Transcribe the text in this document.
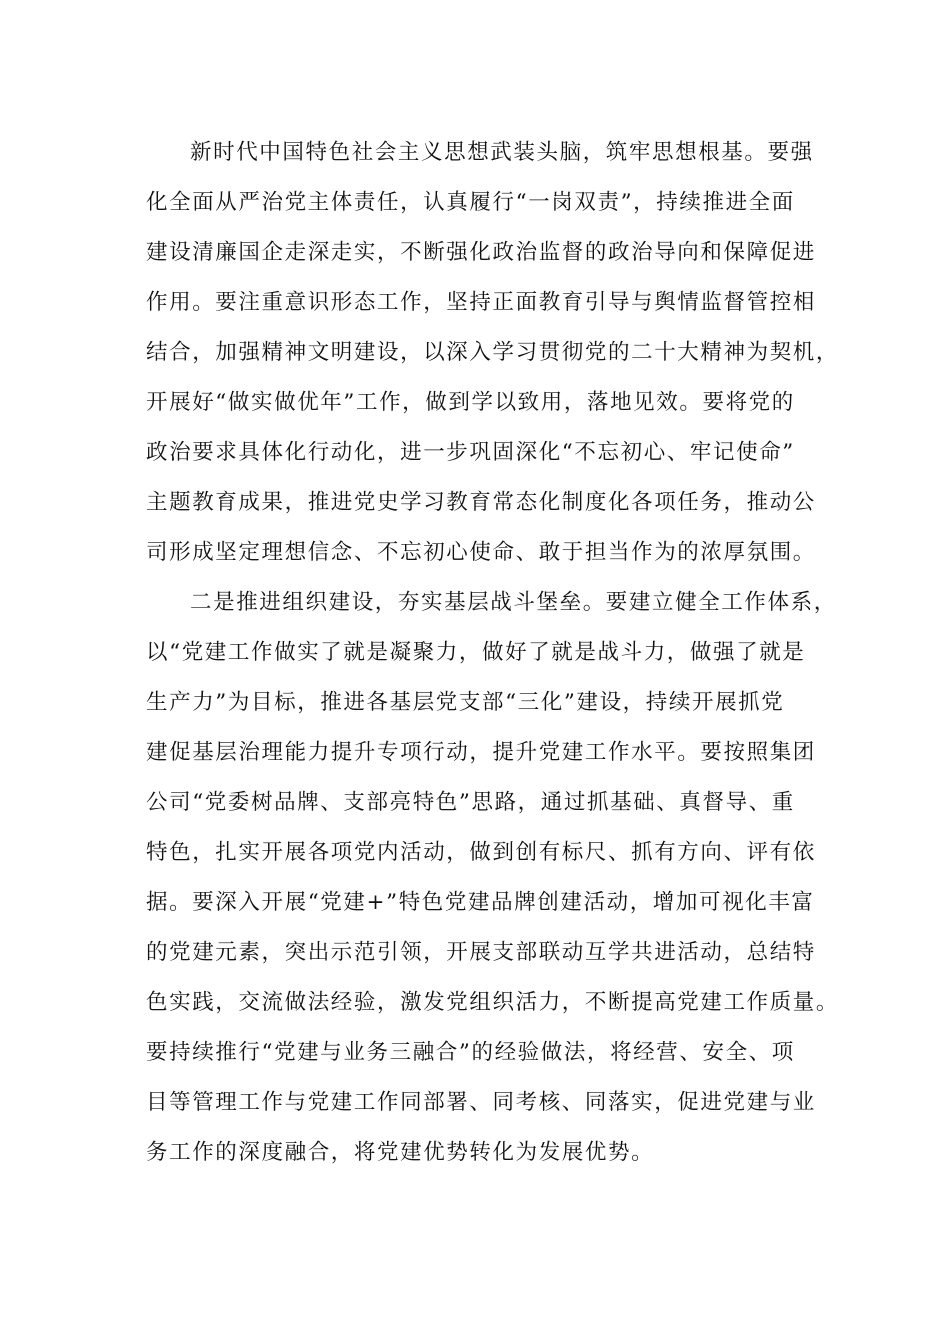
新时代中国特色社会主义思想武装头脑，筑牢思想根基。要强
化全面从严治党主体责任，认真履行“一岗双责”，持续推进全面
建设清廉国企走深走实，不断强化政治监督的政治导向和保障促进
作用。要注重意识形态工作，坚持正面教育引导与舆情监督管控相
结合，加强精神文明建设，以深入学习贯彻党的二十大精神为契机，
开展好“做实做优年”工作，做到学以致用，落地见效。要将党的
政治要求具体化行动化，进一步巩固深化“不忘初心、牢记使命”
主题教育成果，推进党史学习教育常态化制度化各项任务，推动公
司形成坚定理想信念、不忘初心使命、敢于担当作为的浓厚氛围。
二是推进组织建设，夯实基层战斗堡垒。要建立健全工作体系，
以“党建工作做实了就是凝聚力，做好了就是战斗力，做强了就是
生产力”为目标，推进各基层党支部“三化”建设，持续开展抓党
建促基层治理能力提升专项行动，提升党建工作水平。要按照集团
公司“党委树品牌、支部亮特色”思路，通过抓基础、真督导、重
特色，扎实开展各项党内活动，做到创有标尺、抓有方向、评有依
据。要深入开展“党建+”特色党建品牌创建活动，增加可视化丰富
的党建元素，突出示范引领，开展支部联动互学共进活动，总结特
色实践，交流做法经验，激发党组织活力，不断提高党建工作质量。
要持续推行“党建与业务三融合”的经验做法，将经营、安全、项
目等管理工作与党建工作同部署、同考核、同落实，促进党建与业
务工作的深度融合，将党建优势转化为发展优势。
